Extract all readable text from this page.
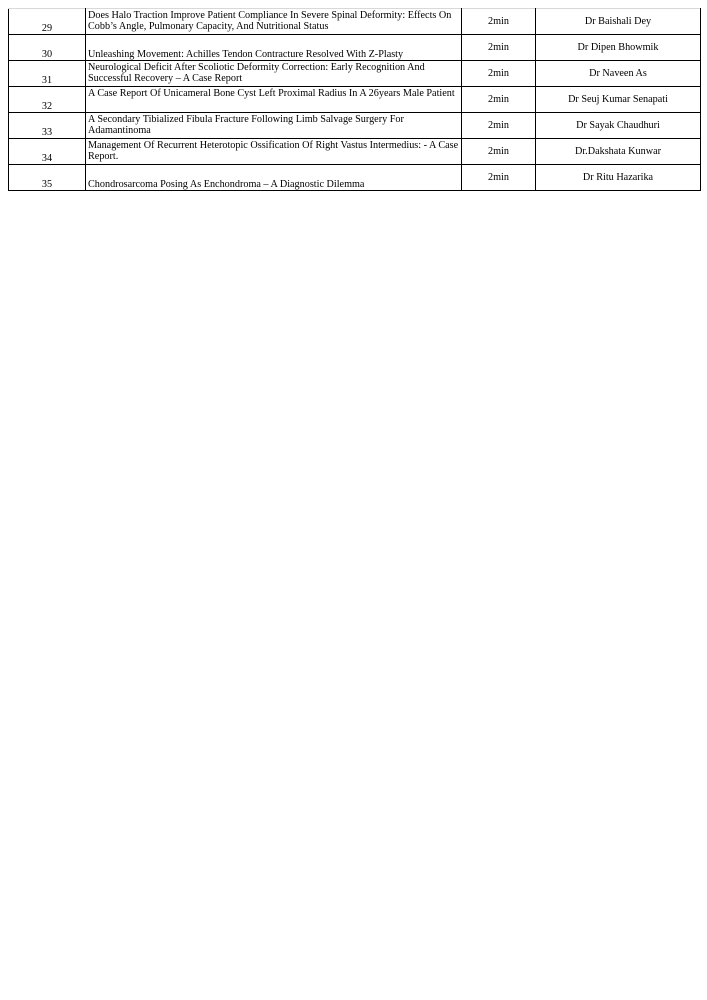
29	Does Halo Traction Improve Patient Compliance In Severe Spinal Deformity: Effects On Cobb’s Angle, Pulmonary Capacity, And Nutritional Status	2min	Dr Baishali Dey
30	Unleashing Movement: Achilles Tendon Contracture Resolved With Z-Plasty	2min	Dr Dipen Bhowmik
31	Neurological Deficit After Scoliotic Deformity Correction: Early Recognition And Successful Recovery – A Case Report	2min	Dr Naveen As
32	A Case Report Of Unicameral Bone Cyst Left Proximal Radius In A 26years Male Patient	2min	Dr Seuj Kumar Senapati
33	A Secondary Tibialized Fibula Fracture Following Limb Salvage Surgery For Adamantinoma	2min	Dr Sayak Chaudhuri
34	Management Of Recurrent Heterotopic Ossification Of Right Vastus Intermedius: - A Case Report.	2min	Dr.Dakshata Kunwar
35	Chondrosarcoma Posing As Enchondroma – A Diagnostic Dilemma	2min	Dr Ritu Hazarika
